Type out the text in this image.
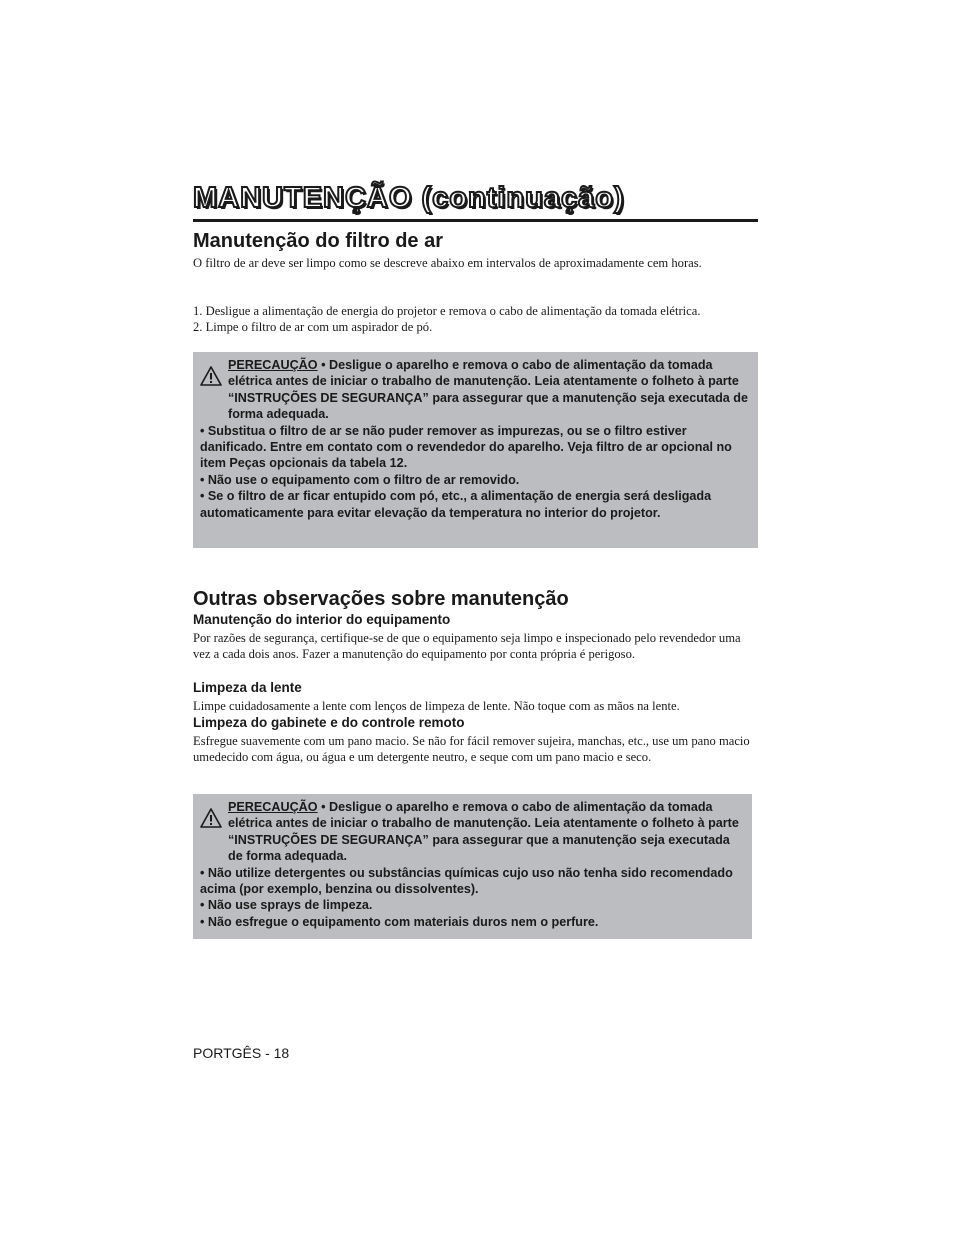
MANUTENÇÃO (continuação)
Manutenção do filtro de ar
O filtro de ar deve ser limpo como se descreve abaixo em intervalos de aproximadamente cem horas.
1. Desligue a alimentação de energia do projetor e remova o cabo de alimentação da tomada elétrica.
2. Limpe o filtro de ar com um aspirador de pó.

PERECAUÇÃO • Desligue o aparelho e remova o cabo de alimentação da tomada elétrica antes de iniciar o trabalho de manutenção. Leia atentamente o folheto à parte “INSTRUÇÕES DE SEGURANÇA” para assegurar que a manutenção seja executada de forma adequada.

• Substitua o filtro de ar se não puder remover as impurezas, ou se o filtro estiver danificado. Entre em contato com o revendedor do aparelho. Veja filtro de ar opcional no item Peças opcionais da tabela 12.

• Não use o equipamento com o filtro de ar removido.

• Se o filtro de ar ficar entupido com pó, etc., a alimentação de energia será desligada automaticamente para evitar elevação da temperatura no interior do projetor.

Outras observações sobre manutenção
Manutenção do interior do equipamento
Por razões de segurança, certifique-se de que o equipamento seja limpo e inspecionado pelo revendedor uma vez a cada dois anos. Fazer a manutenção do equipamento por conta própria é perigoso.
Limpeza da lente
Limpe cuidadosamente a lente com lenços de limpeza de lente. Não toque com as mãos na lente.
Limpeza do gabinete e do controle remoto
Esfregue suavemente com um pano macio. Se não for fácil remover sujeira, manchas, etc., use um pano macio umedecido com água, ou água e um detergente neutro, e seque com um pano macio e seco.

PERECAUÇÃO • Desligue o aparelho e remova o cabo de alimentação da tomada elétrica antes de iniciar o trabalho de manutenção. Leia atentamente o folheto à parte “INSTRUÇÕES DE SEGURANÇA” para assegurar que a manutenção seja executada de forma adequada.

• Não utilize detergentes ou substâncias químicas cujo uso não tenha sido recomendado acima (por exemplo, benzina ou dissolventes).

• Não use sprays de limpeza.

• Não esfregue o equipamento com materiais duros nem o perfure.

PORTGÊS - 18
